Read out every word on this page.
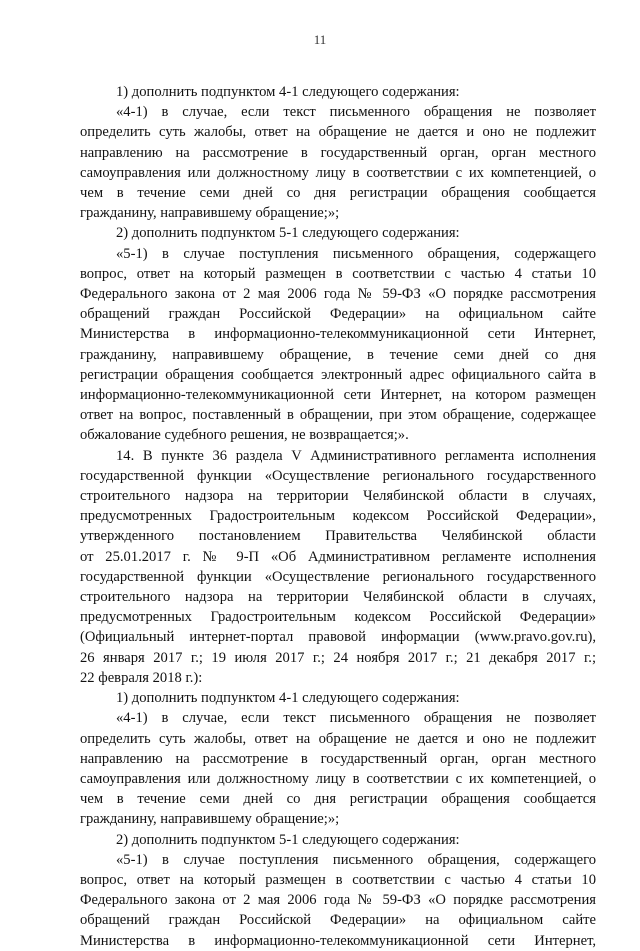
11
1) дополнить подпунктом 4-1 следующего содержания:
«4-1) в случае, если текст письменного обращения не позволяет
определить суть жалобы, ответ на обращение не дается и оно не подлежит
направлению на рассмотрение в государственный орган, орган местного
самоуправления или должностному лицу в соответствии с их компетенцией, о
чем в течение семи дней со дня регистрации обращения сообщается
гражданину, направившему обращение;»;
2) дополнить подпунктом 5-1 следующего содержания:
«5-1) в случае поступления письменного обращения, содержащего
вопрос, ответ на который размещен в соответствии с частью 4 статьи 10
Федерального закона от 2 мая 2006 года № 59-ФЗ «О порядке рассмотрения
обращений граждан Российской Федерации» на официальном сайте
Министерства в информационно-телекоммуникационной сети Интернет,
гражданину, направившему обращение, в течение семи дней со дня
регистрации обращения сообщается электронный адрес официального сайта в
информационно-телекоммуникационной сети Интернет, на котором размещен
ответ на вопрос, поставленный в обращении, при этом обращение, содержащее
обжалование судебного решения, не возвращается;».
14. В пункте 36 раздела V Административного регламента исполнения
государственной функции «Осуществление регионального государственного
строительного надзора на территории Челябинской области в случаях,
предусмотренных Градостроительным кодексом Российской Федерации»,
утвержденного постановлением Правительства Челябинской области
от 25.01.2017 г. № 9-П «Об Административном регламенте исполнения
государственной функции «Осуществление регионального государственного
строительного надзора на территории Челябинской области в случаях,
предусмотренных Градостроительным кодексом Российской Федерации»
(Официальный интернет-портал правовой информации (www.pravo.gov.ru),
26 января 2017 г.; 19 июля 2017 г.; 24 ноября 2017 г.; 21 декабря 2017 г.;
22 февраля 2018 г.):
1) дополнить подпунктом 4-1 следующего содержания:
«4-1) в случае, если текст письменного обращения не позволяет
определить суть жалобы, ответ на обращение не дается и оно не подлежит
направлению на рассмотрение в государственный орган, орган местного
самоуправления или должностному лицу в соответствии с их компетенцией, о
чем в течение семи дней со дня регистрации обращения сообщается
гражданину, направившему обращение;»;
2) дополнить подпунктом 5-1 следующего содержания:
«5-1) в случае поступления письменного обращения, содержащего
вопрос, ответ на который размещен в соответствии с частью 4 статьи 10
Федерального закона от 2 мая 2006 года № 59-ФЗ «О порядке рассмотрения
обращений граждан Российской Федерации» на официальном сайте
Министерства в информационно-телекоммуникационной сети Интернет,
